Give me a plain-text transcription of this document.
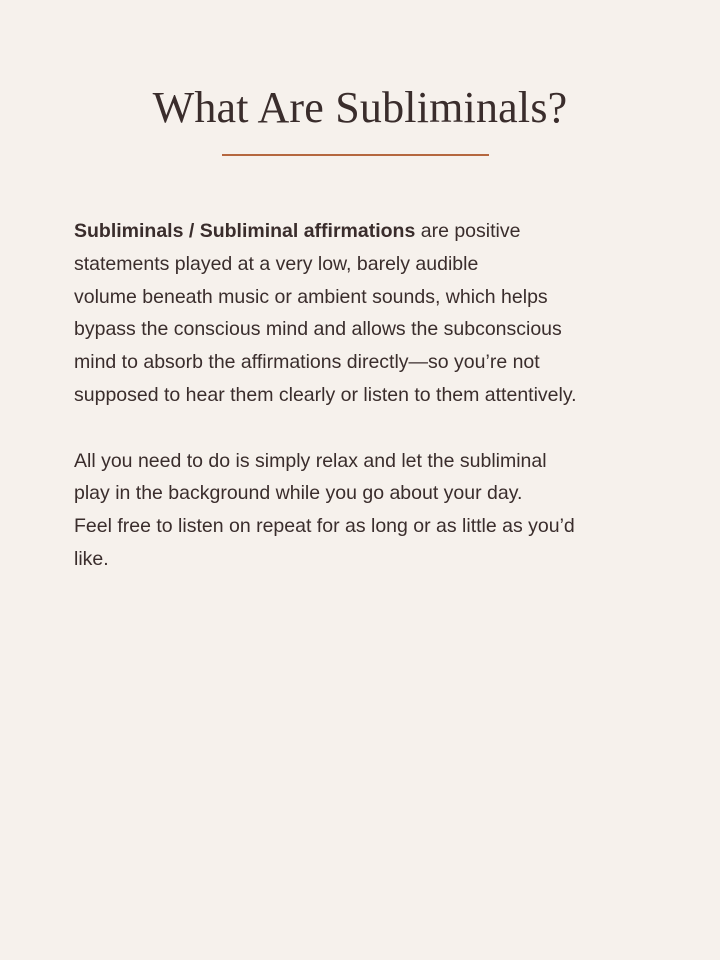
What Are Subliminals?

Subliminals / Subliminal affirmations are positive
statements played at a very low, barely audible
volume beneath music or ambient sounds, which helps
bypass the conscious mind and allows the subconscious
mind to absorb the affirmations directly—so you’re not
supposed to hear them clearly or listen to them attentively.

All you need to do is simply relax and let the subliminal
play in the background while you go about your day.
Feel free to listen on repeat for as long or as little as you’d
like.
